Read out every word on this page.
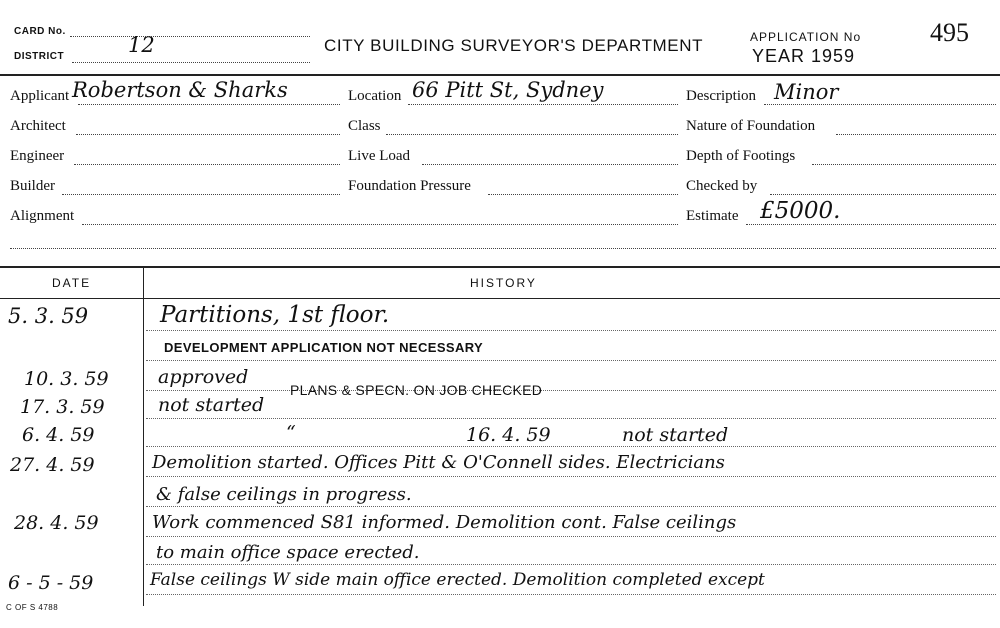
CARD No.
DISTRICT	12	CITY BUILDING SURVEYOR'S DEPARTMENT	APPLICATION No
YEAR 1959
495
Applicant Robertson & Sharks	Location 66 Pitt St, Sydney	Description Minor
Architect	Class	Nature of Foundation
Engineer	Live Load	Depth of Footings
Builder	Foundation Pressure	Checked by
Alignment	Estimate £5000.
DATE	HISTORY
5. 3. 59	Partitions, 1st floor.
DEVELOPMENT APPLICATION NOT NECESSARY
10. 3. 59	approved
PLANS & SPECN. ON JOB CHECKED
17. 3. 59	not started
6. 4. 59	“	16. 4. 59	not started
27. 4. 59	Demolition started. Offices Pitt & O'Connell sides. Electricians
& false ceilings in progress.
28. 4. 59	Work commenced S81 informed. Demolition cont. False ceilings
to main office space erected.
6 - 5 - 59	False ceilings W side main office erected. Demolition completed except
C OF S 4788
